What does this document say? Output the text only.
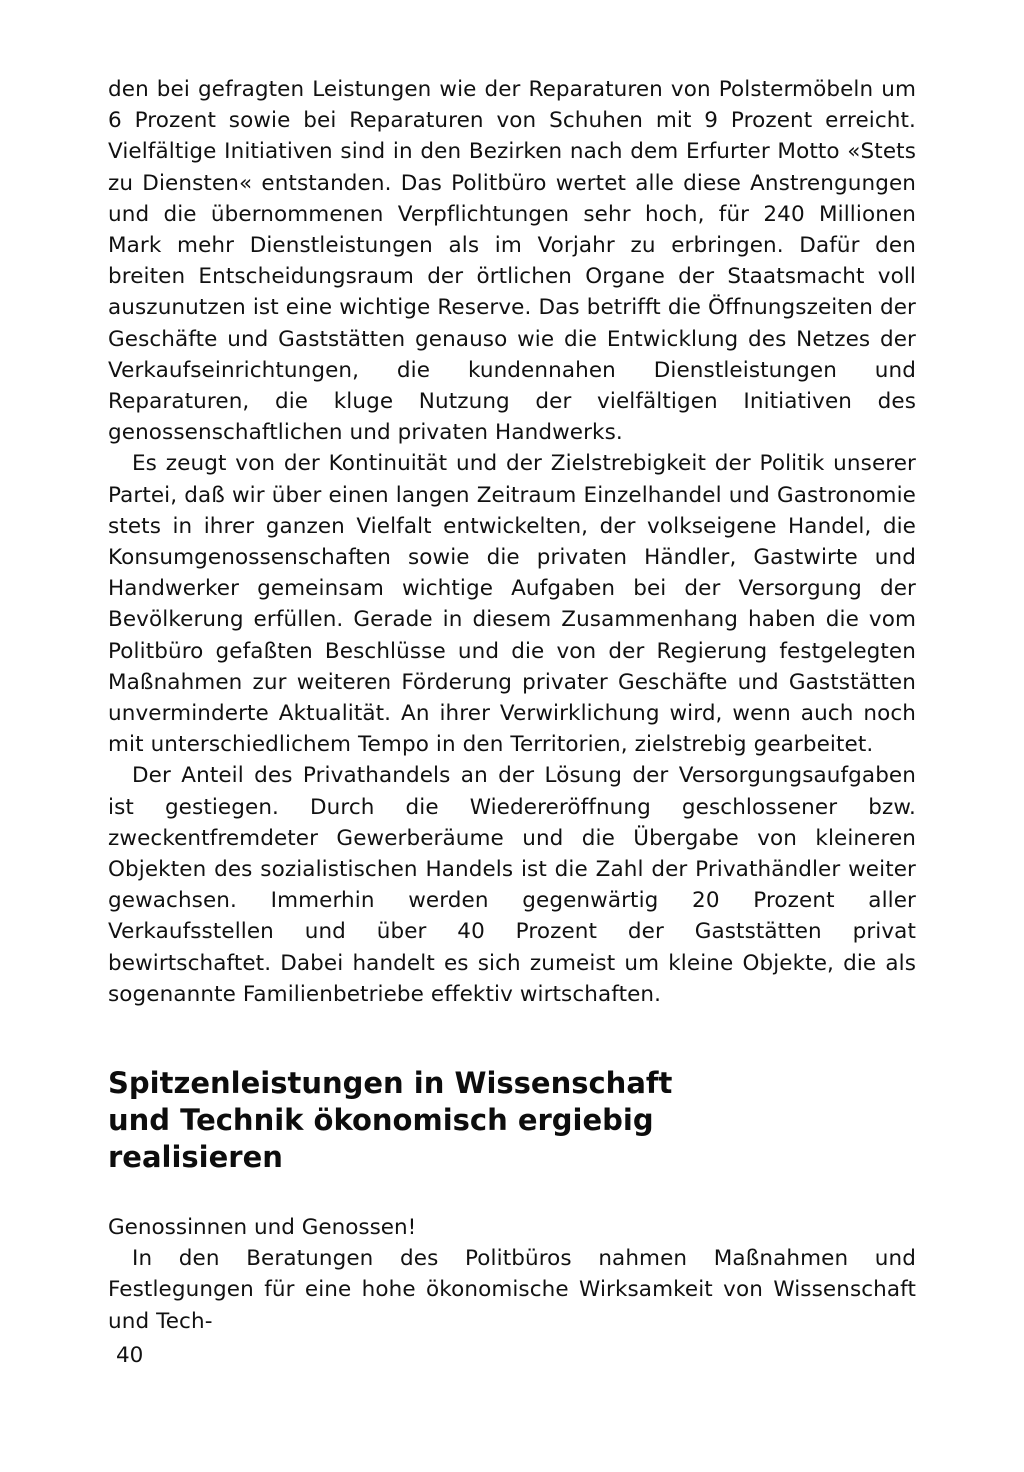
den bei gefragten Leistungen wie der Reparaturen von Polstermöbeln um 6 Prozent sowie bei Reparaturen von Schuhen mit 9 Prozent erreicht. Vielfältige Initiativen sind in den Bezirken nach dem Erfurter Motto «Stets zu Diensten« entstanden. Das Politbüro wertet alle diese Anstrengungen und die übernommenen Verpflichtungen sehr hoch, für 240 Millionen Mark mehr Dienstleistungen als im Vorjahr zu erbringen. Dafür den breiten Entscheidungsraum der örtlichen Organe der Staatsmacht voll auszunutzen ist eine wichtige Reserve. Das betrifft die Öffnungszeiten der Geschäfte und Gaststätten genauso wie die Entwicklung des Netzes der Verkaufseinrichtungen, die kundennahen Dienstleistungen und Reparaturen, die kluge Nutzung der vielfältigen Initiativen des genossenschaftlichen und privaten Handwerks.

Es zeugt von der Kontinuität und der Zielstrebigkeit der Politik unserer Partei, daß wir über einen langen Zeitraum Einzelhandel und Gastronomie stets in ihrer ganzen Vielfalt entwickelten, der volkseigene Handel, die Konsumgenossenschaften sowie die privaten Händler, Gastwirte und Handwerker gemeinsam wichtige Aufgaben bei der Versorgung der Bevölkerung erfüllen. Gerade in diesem Zusammenhang haben die vom Politbüro gefaßten Beschlüsse und die von der Regierung festgelegten Maßnahmen zur weiteren Förderung privater Geschäfte und Gaststätten unverminderte Aktualität. An ihrer Verwirklichung wird, wenn auch noch mit unterschiedlichem Tempo in den Territorien, zielstrebig gearbeitet.

Der Anteil des Privathandels an der Lösung der Versorgungsaufgaben ist gestiegen. Durch die Wiedereröffnung geschlossener bzw. zweckentfremdeter Gewerberäume und die Übergabe von kleineren Objekten des sozialistischen Handels ist die Zahl der Privathändler weiter gewachsen. Immerhin werden gegenwärtig 20 Prozent aller Verkaufsstellen und über 40 Prozent der Gaststätten privat bewirtschaftet. Dabei handelt es sich zumeist um kleine Objekte, die als sogenannte Familienbetriebe effektiv wirtschaften.

Spitzenleistungen in Wissenschaft und Technik ökonomisch ergiebig realisieren

Genossinnen und Genossen!

In den Beratungen des Politbüros nahmen Maßnahmen und Festlegungen für eine hohe ökonomische Wirksamkeit von Wissenschaft und Tech-

40
